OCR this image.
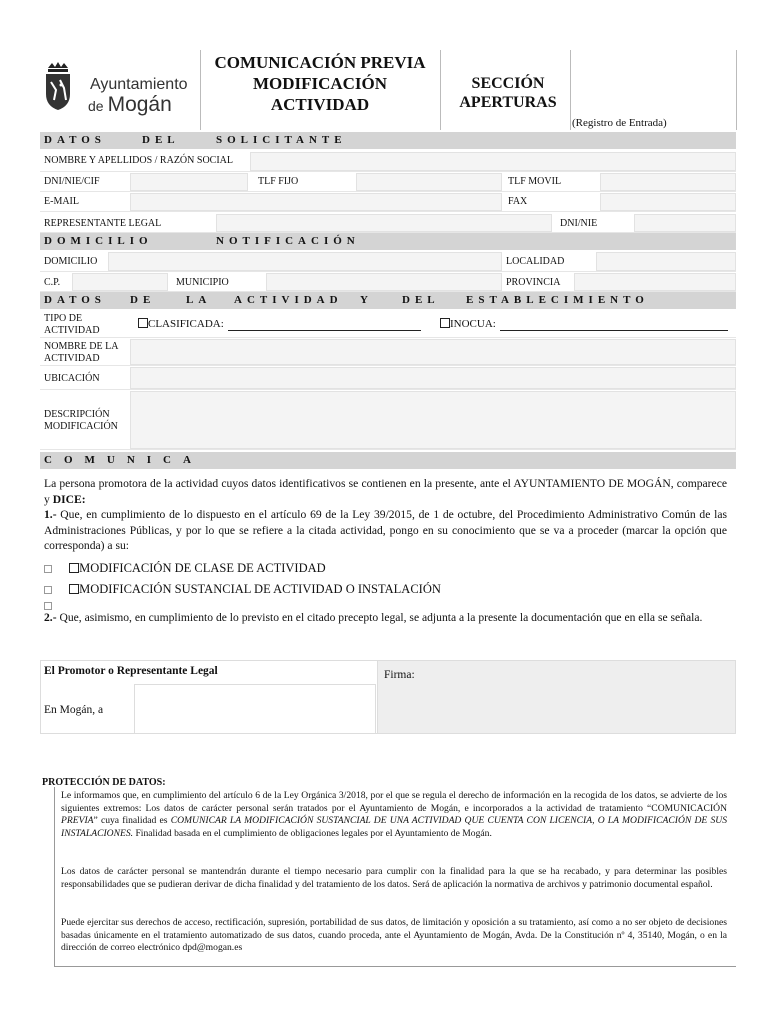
Ayuntamiento
de Mogán
COMUNICACIÓN PREVIA
MODIFICACIÓN
ACTIVIDAD
SECCIÓN
APERTURAS
(Registro de Entrada)
DATOS	DEL	SOLICITANTE
NOMBRE Y APELLIDOS / RAZÓN SOCIAL
DNI/NIE/CIF	TLF FIJO	TLF MOVIL
E-MAIL	FAX
REPRESENTANTE LEGAL	DNI/NIE
DOMICILIO	NOTIFICACIÓN
DOMICILIO	LOCALIDAD
C.P.	MUNICIPIO	PROVINCIA
DATOS DE	LA ACTIVIDAD Y	DEL ESTABLECIMIENTO
TIPO DE
ACTIVIDAD
CLASIFICADA:	INOCUA:
NOMBRE DE LA
ACTIVIDAD
UBICACIÓN
DESCRIPCIÓN
MODIFICACIÓN
COMUNICA
La persona promotora de la actividad cuyos datos identificativos se contienen en la presente, ante el AYUNTAMIENTO DE MOGÁN, comparece y DICE:
1.- Que, en cumplimiento de lo dispuesto en el artículo 69 de la Ley 39/2015, de 1 de octubre, del Procedimiento Administrativo Común de las Administraciones Públicas, y por lo que se refiere a la citada actividad, pongo en su conocimiento que se va a proceder (marcar la opción que corresponda) a su:
MODIFICACIÓN DE CLASE DE ACTIVIDAD
MODIFICACIÓN SUSTANCIAL DE ACTIVIDAD O INSTALACIÓN
2.- Que, asimismo, en cumplimiento de lo previsto en el citado precepto legal, se adjunta a la presente la documentación que en ella se señala.
El Promotor o Representante Legal	Firma:
En Mogán, a
PROTECCIÓN DE DATOS:
Le informamos que, en cumplimiento del artículo 6 de la Ley Orgánica 3/2018, por el que se regula el derecho de información en la recogida de los datos, se advierte de los siguientes extremos: Los datos de carácter personal serán tratados por el Ayuntamiento de Mogán, e incorporados a la actividad de tratamiento “COMUNICACIÓN PREVIA” cuya finalidad es COMUNICAR LA MODIFICACIÓN SUSTANCIAL DE UNA ACTIVIDAD QUE CUENTA CON LICENCIA, O LA MODIFICACIÓN DE SUS INSTALACIONES. Finalidad basada en el cumplimiento de obligaciones legales por el Ayuntamiento de Mogán.
Los datos de carácter personal se mantendrán durante el tiempo necesario para cumplir con la finalidad para la que se ha recabado, y para determinar las posibles responsabilidades que se pudieran derivar de dicha finalidad y del tratamiento de los datos. Será de aplicación la normativa de archivos y patrimonio documental español.
Puede ejercitar sus derechos de acceso, rectificación, supresión, portabilidad de sus datos, de limitación y oposición a su tratamiento, así como a no ser objeto de decisiones basadas únicamente en el tratamiento automatizado de sus datos, cuando proceda, ante el Ayuntamiento de Mogán, Avda. De la Constitución nº 4, 35140, Mogán, o en la dirección de correo electrónico dpd@mogan.es
